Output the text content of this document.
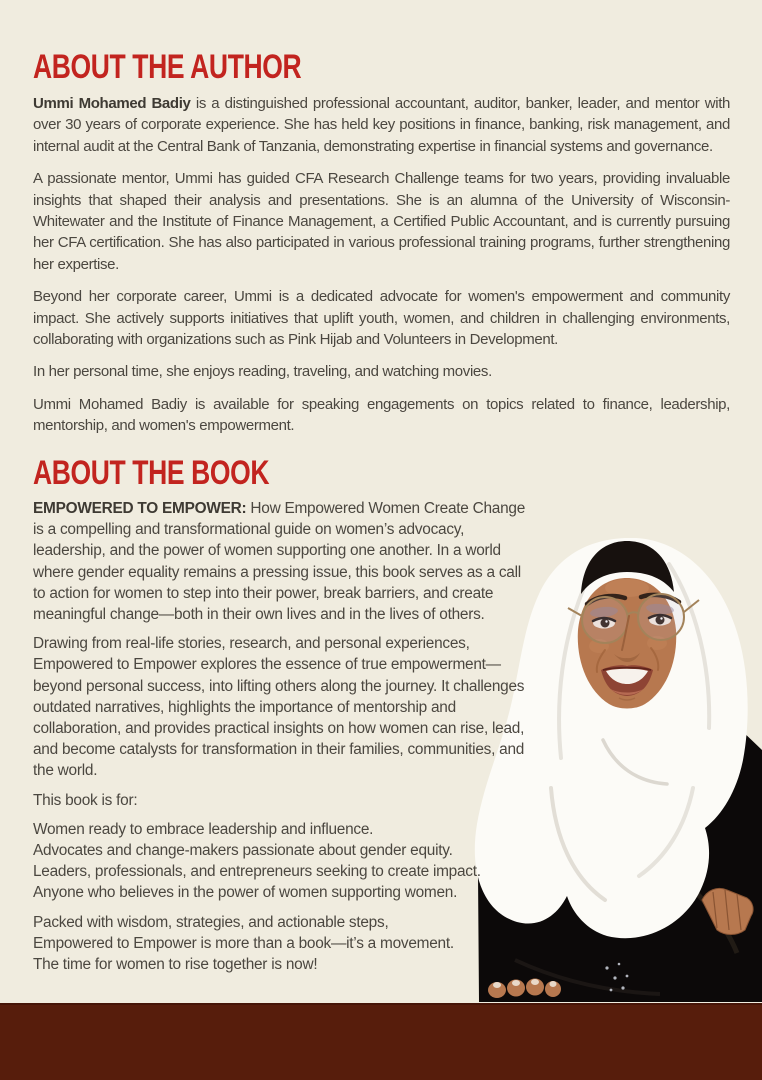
ABOUT THE AUTHOR

Ummi Mohamed Badiy is a distinguished professional accountant, auditor, banker, leader, and mentor with over 30 years of corporate experience. She has held key positions in finance, banking, risk management, and internal audit at the Central Bank of Tanzania, demonstrating expertise in financial systems and governance.

A passionate mentor, Ummi has guided CFA Research Challenge teams for two years, providing invaluable insights that shaped their analysis and presentations. She is an alumna of the University of Wisconsin-Whitewater and the Institute of Finance Management, a Certified Public Accountant, and is currently pursuing her CFA certification. She has also participated in various professional training programs, further strengthening her expertise.

Beyond her corporate career, Ummi is a dedicated advocate for women's empowerment and community impact. She actively supports initiatives that uplift youth, women, and children in challenging environments, collaborating with organizations such as Pink Hijab and Volunteers in Development.

In her personal time, she enjoys reading, traveling, and watching movies.

Ummi Mohamed Badiy is available for speaking engagements on topics related to finance, leadership, mentorship, and women's empowerment.

ABOUT THE BOOK

EMPOWERED TO EMPOWER: How Empowered Women Create Change is a compelling and transformational guide on women’s advocacy, leadership, and the power of women supporting one another. In a world where gender equality remains a pressing issue, this book serves as a call to action for women to step into their power, break barriers, and create meaningful change—both in their own lives and in the lives of others.

Drawing from real-life stories, research, and personal experiences, Empowered to Empower explores the essence of true empowerment—beyond personal success, into lifting others along the journey. It challenges outdated narratives, highlights the importance of mentorship and collaboration, and provides practical insights on how women can rise, lead, and become catalysts for transformation in their families, communities, and the world.

This book is for:

Women ready to embrace leadership and influence.
Advocates and change-makers passionate about gender equity.
Leaders, professionals, and entrepreneurs seeking to create impact.
Anyone who believes in the power of women supporting women.
Packed with wisdom, strategies, and actionable steps,
Empowered to Empower is more than a book—it’s a movement.
The time for women to rise together is now!
